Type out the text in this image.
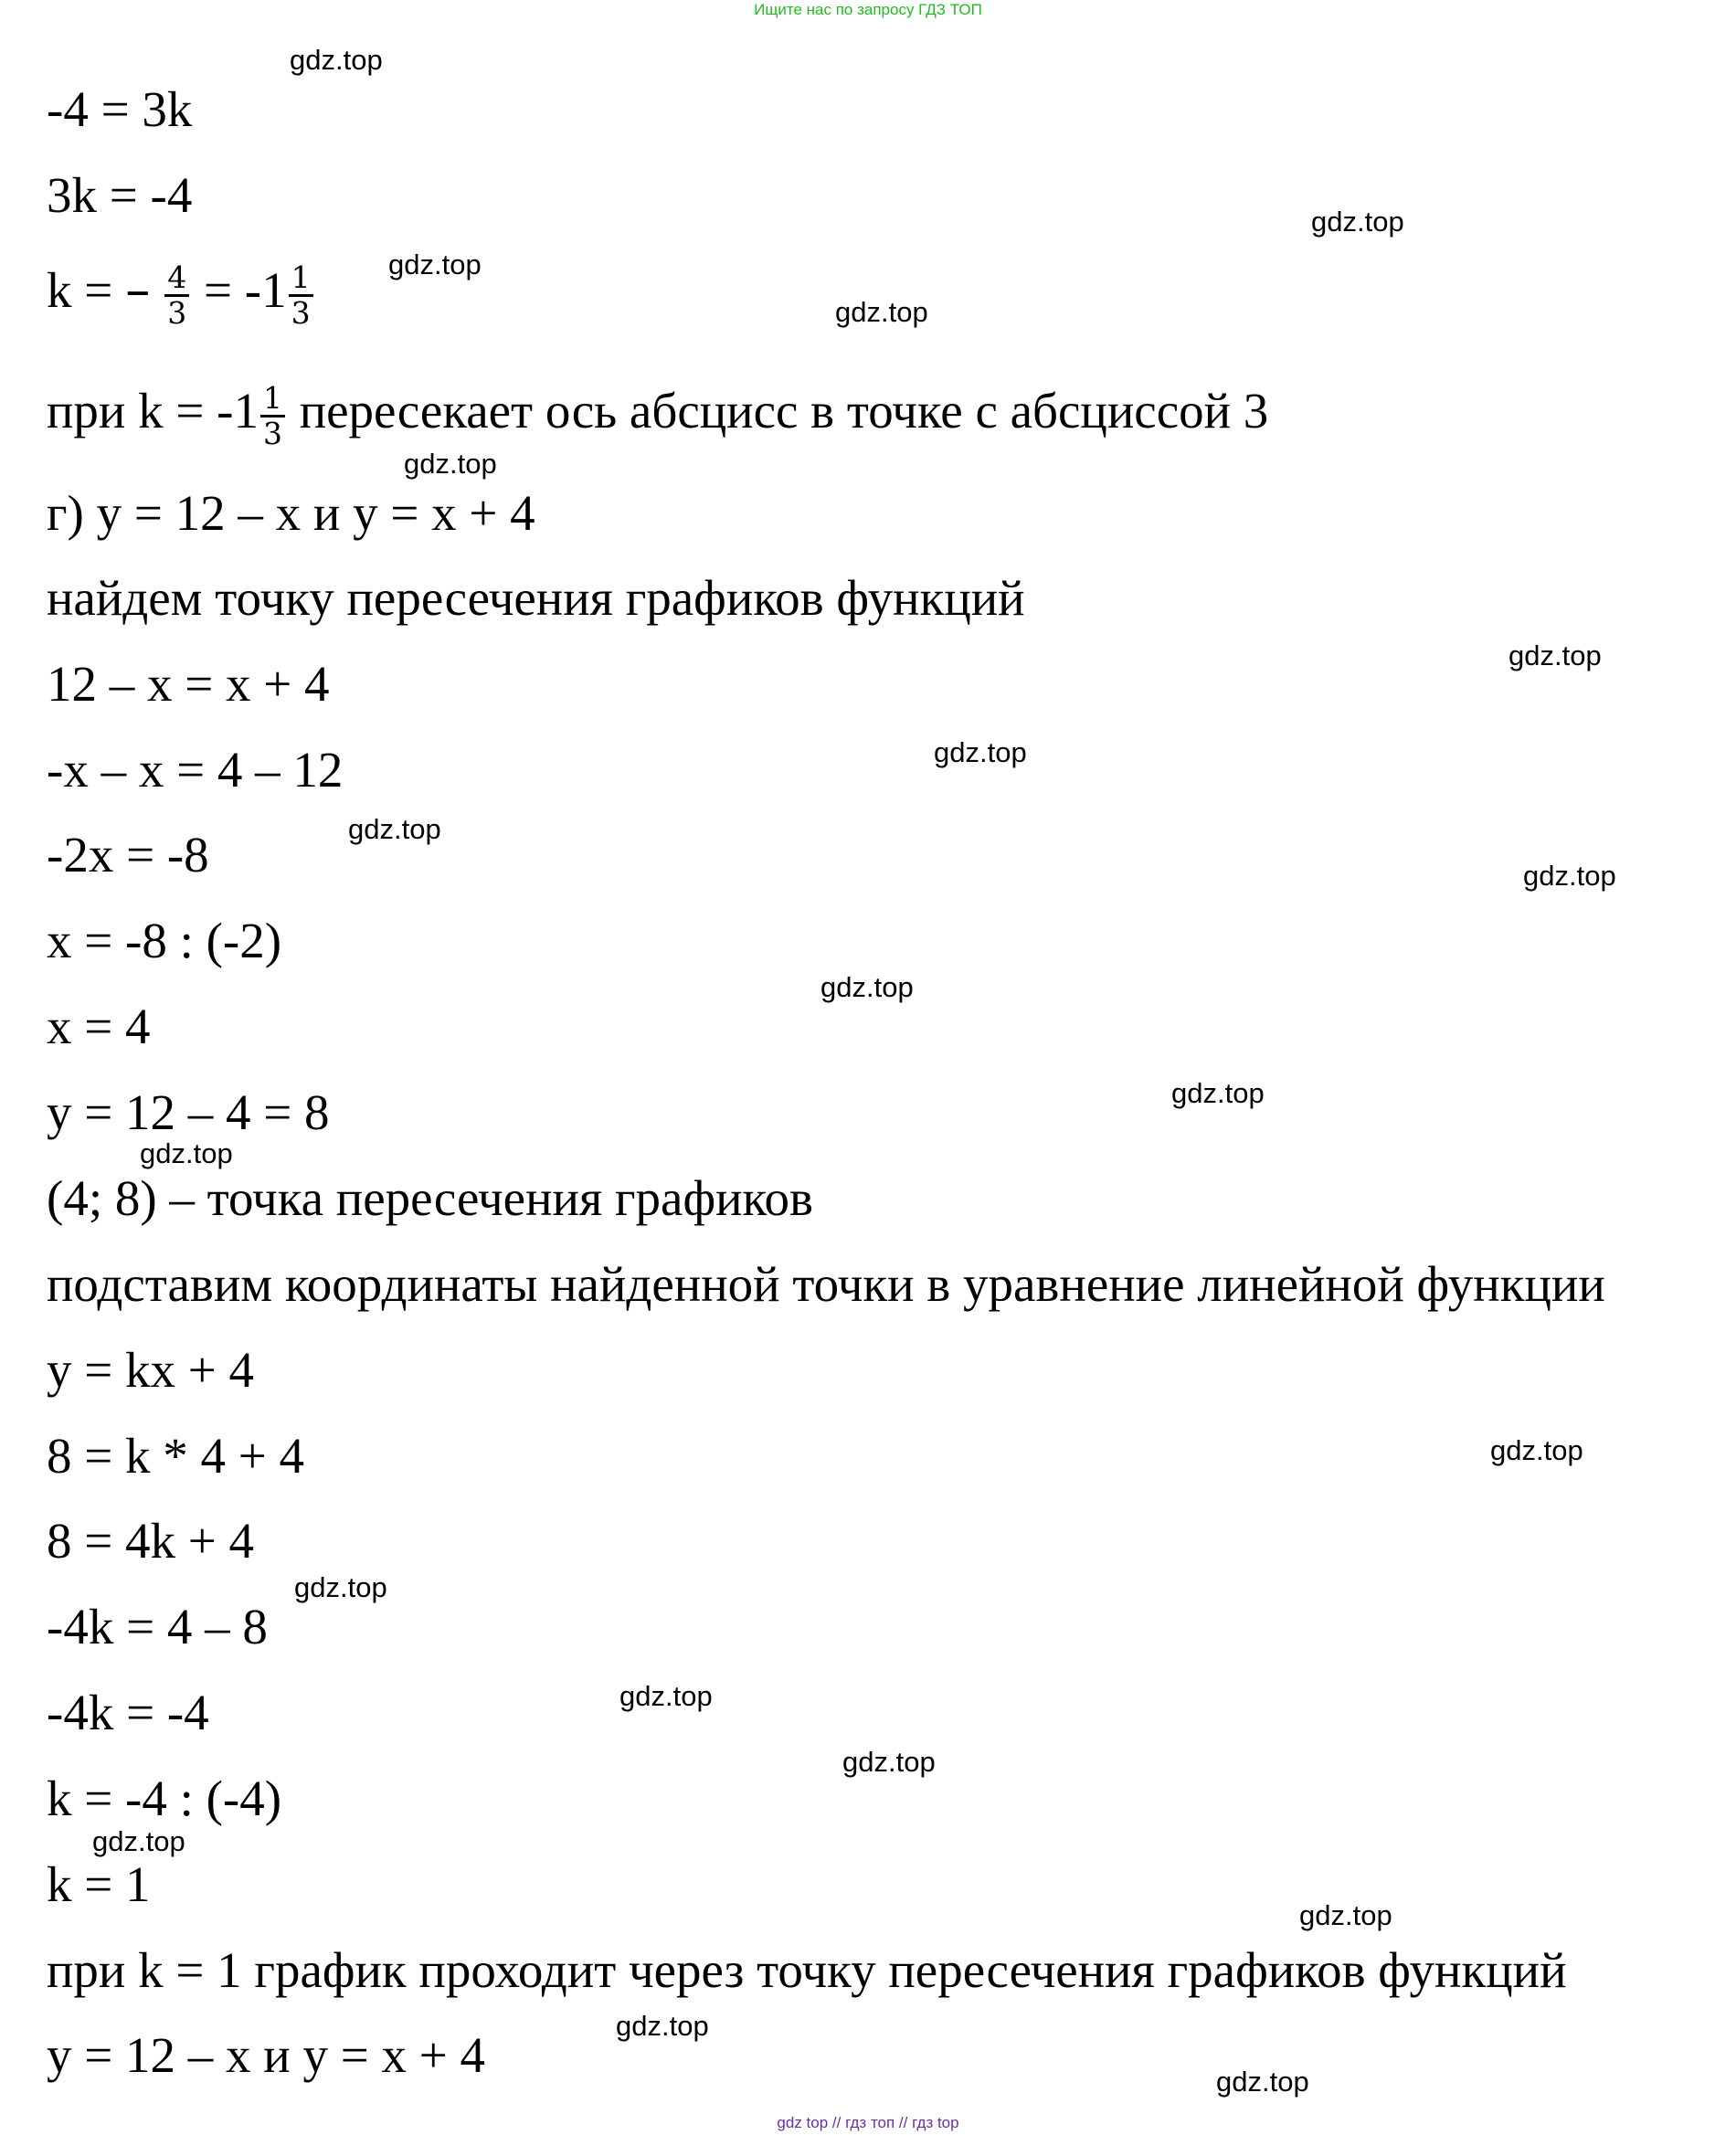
Ищите нас по запросу ГДЗ ТОП

-4 = 3k

3k = -4

k = – $\frac{4}{3} = -1 \frac{1}{3}$

при $k = -1 \frac{1}{3}$ пересекает ось абсцисс в точке с абсциссой 3

г) y = 12 – x и y = x + 4

найдем точку пересечения графиков функций

12 – x = x + 4

-x – x = 4 – 12

-2x = -8

x = -8 : (-2)

x = 4

y = 12 – 4 = 8

(4; 8) – точка пересечения графиков

подставим координаты найденной точки в уравнение линейной функции

y = kx + 4

8 = k * 4 + 4

8 = 4k + 4

-4k = 4 – 8

-4k = -4

k = -4 : (-4)

k = 1

при k = 1 график проходит через точку пересечения графиков функций

y = 12 – x и y = x + 4

gdz.top
gdz.top
gdz.top
gdz.top
gdz.top
gdz.top
gdz.top
gdz.top
gdz.top
gdz.top
gdz.top
gdz.top
gdz.top
gdz.top
gdz.top
gdz.top
gdz.top
gdz.top
gdz.top
gdz.top
gdz top // гдз топ // гдз top
